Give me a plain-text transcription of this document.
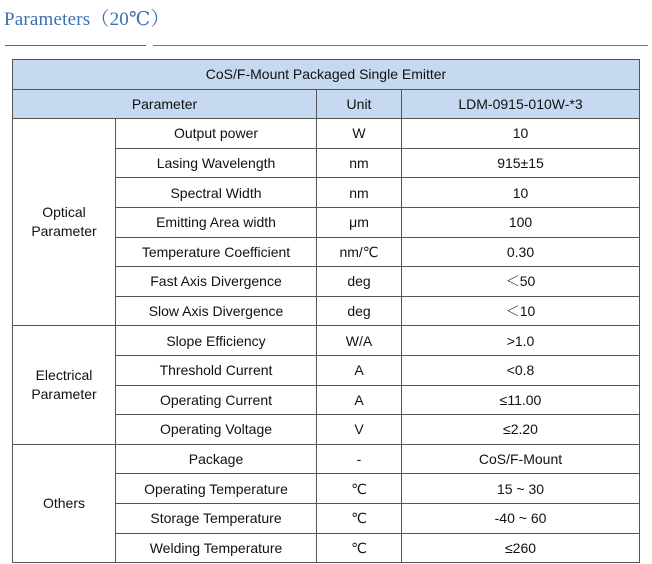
Parameters（20℃）
CoS/F-Mount Packaged Single Emitter			
Parameter		Unit	LDM-0915-010W-*3
Optical
Parameter	Output power	W	10
	Lasing Wavelength	nm	915±15
	Spectral Width	nm	10
	Emitting Area width	μm	100
	Temperature Coefficient	nm/℃	0.30
	Fast Axis Divergence	deg	＜50
	Slow Axis Divergence	deg	＜10
Electrical
Parameter	Slope Efficiency	W/A	>1.0
	Threshold Current	A	<0.8
	Operating Current	A	≤11.00
	Operating Voltage	V	≤2.20
Others	Package	-	CoS/F-Mount
	Operating Temperature	℃	15 ~ 30
	Storage Temperature	℃	-40 ~ 60
	Welding Temperature	℃	≤260
